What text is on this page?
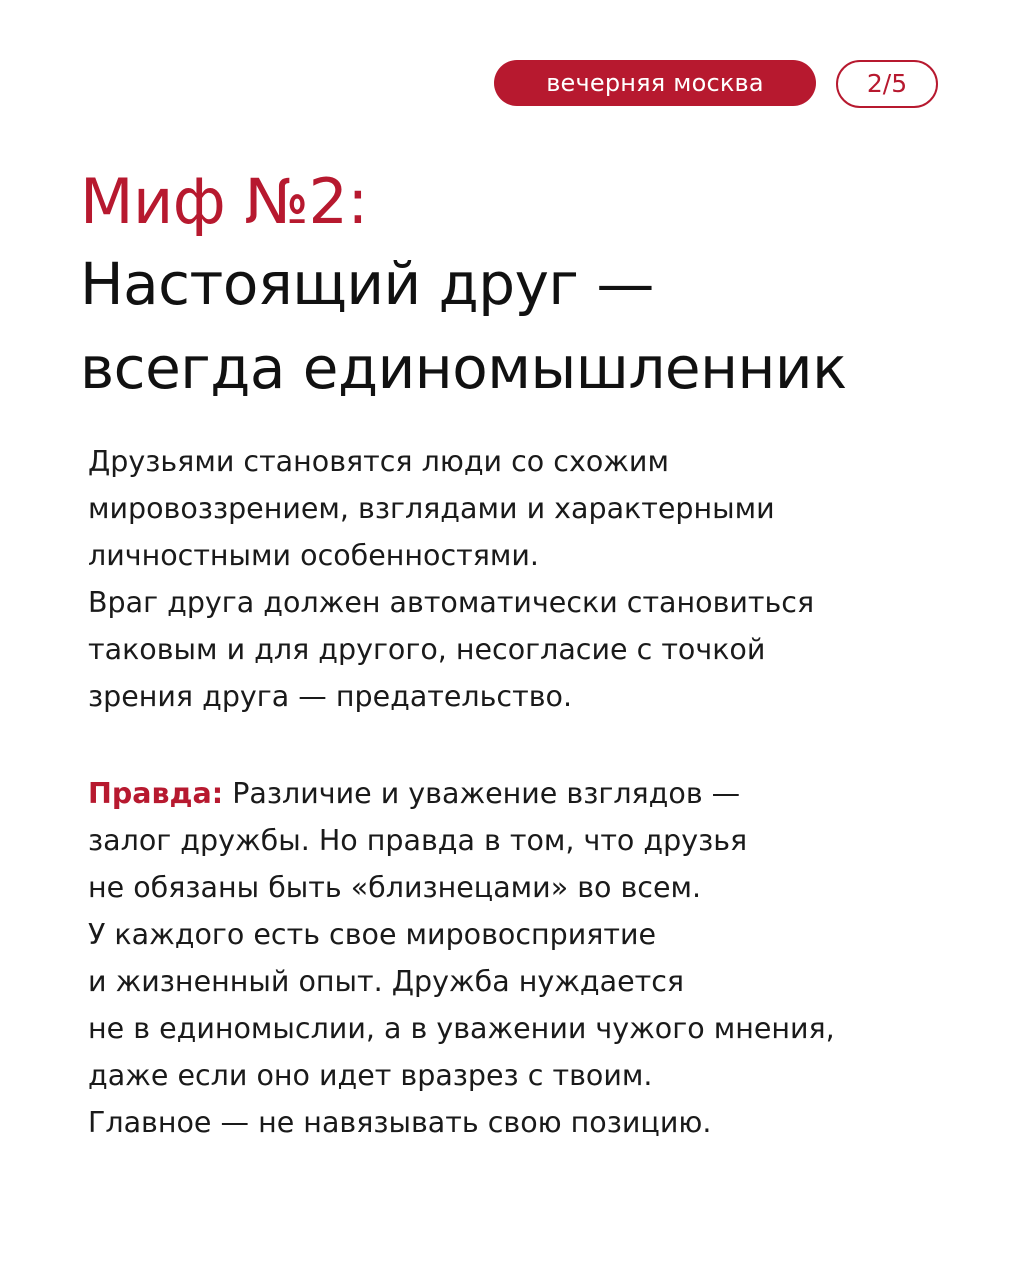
вечерняя москва	2/5
Миф №2:
Настоящий друг —
всегда единомышленник
Друзьями становятся люди со схожим
мировоззрением, взглядами и характерными
личностными особенностями.
Враг друга должен автоматически становиться
таковым и для другого, несогласие с точкой
зрения друга — предательство.
Правда: Различие и уважение взглядов —
залог дружбы. Но правда в том, что друзья
не обязаны быть «близнецами» во всем.
У каждого есть свое мировосприятие
и жизненный опыт. Дружба нуждается
не в единомыслии, а в уважении чужого мнения,
даже если оно идет вразрез с твоим.
Главное — не навязывать свою позицию.
